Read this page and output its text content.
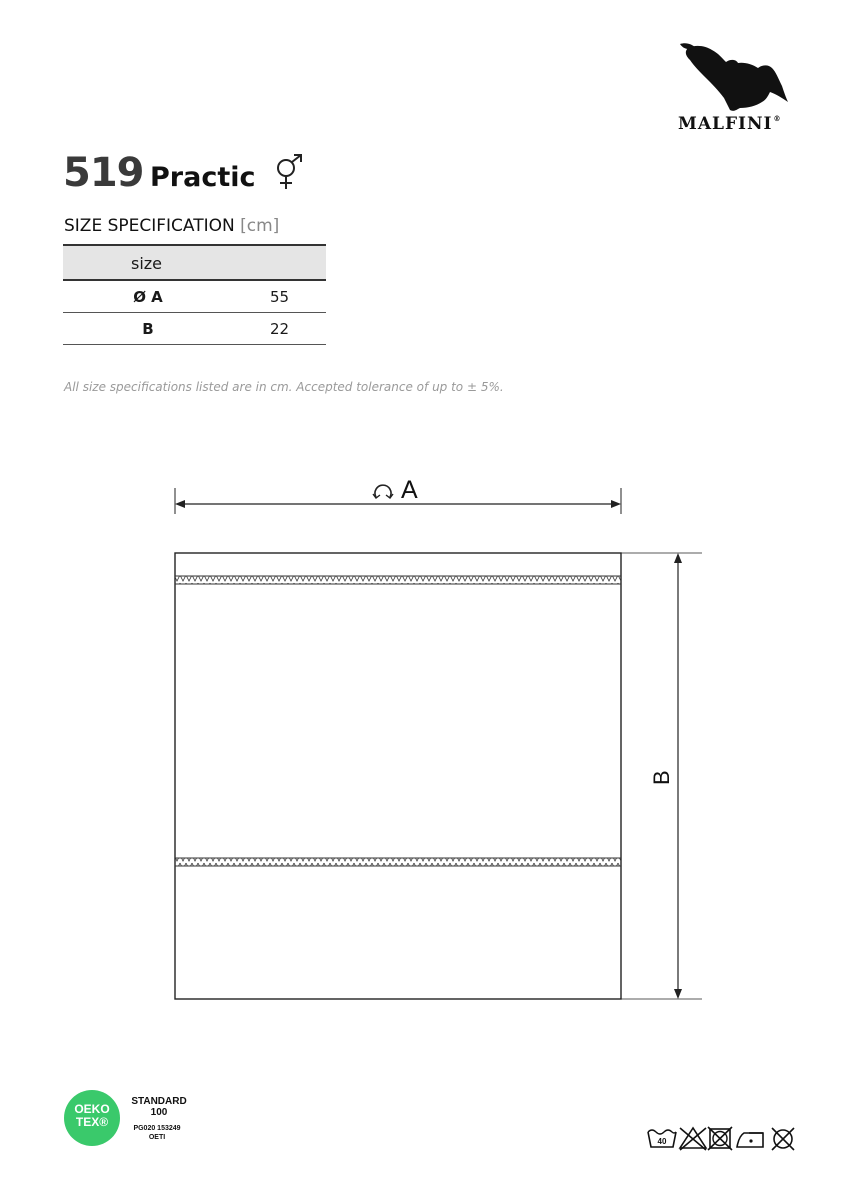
MALFINI®
519 Practic
SIZE SPECIFICATION [cm]
size
Ø A	55
B	22
All size specifications listed are in cm. Accepted tolerance of up to ± 5%.
A
B
OEKO
TEX®
STANDARD
100
PG020 153249
OETI	40
